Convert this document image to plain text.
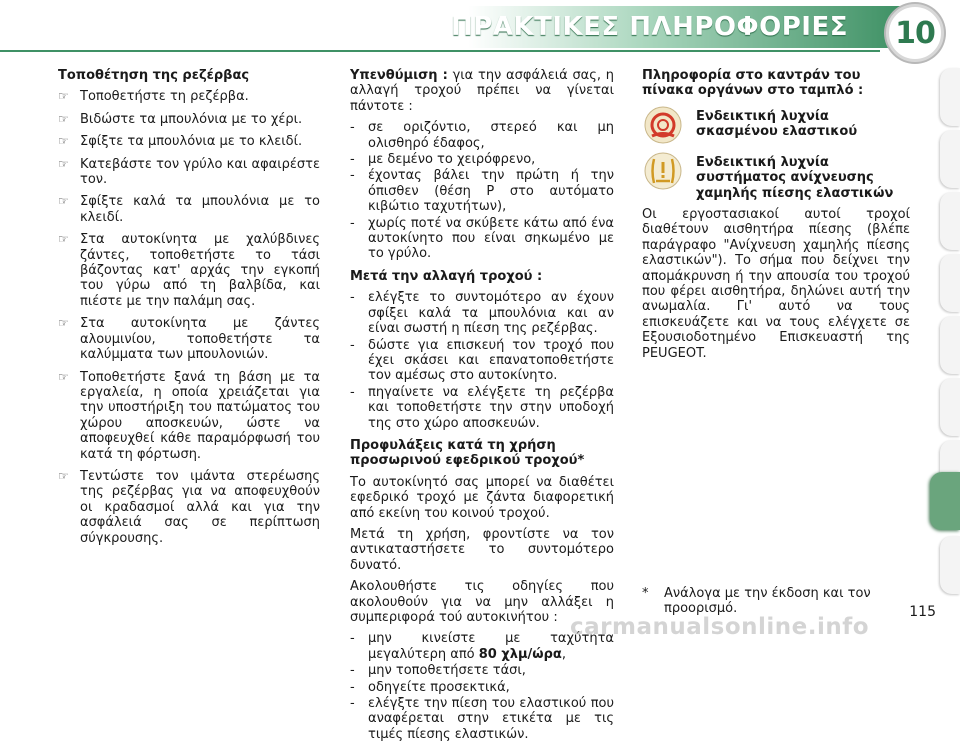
ΠΡΑΚΤΙΚΕΣ ΠΛΗΡΟΦΟΡΙΕΣ 10
Τοποθέτηση της ρεζέρβας
☞ Τοποθετήστε τη ρεζέρβα.
☞ Βιδώστε τα μπουλόνια με το χέρι.
☞ Σφίξτε τα μπουλόνια με το κλειδί.
☞ Κατεβάστε τον γρύλο και αφαιρέστε τον.
☞ Σφίξτε καλά τα μπουλόνια με το κλειδί.
☞ Στα αυτοκίνητα με χαλύβδινες ζάντες, τοποθετήστε το τάσι βάζοντας κατ' αρχάς την εγκοπή του γύρω από τη βαλβίδα, και πιέστε με την παλάμη σας.
☞ Στα αυτοκίνητα με ζάντες αλουμινίου, τοποθετήστε τα καλύμματα των μπουλονιών.
☞ Τοποθετήστε ξανά τη βάση με τα εργαλεία, η οποία χρειάζεται για την υποστήριξη του πατώματος του χώρου αποσκευών, ώστε να αποφευχθεί κάθε παραμόρφωσή του κατά τη φόρτωση.
☞ Τεντώστε τον ιμάντα στερέωσης της ρεζέρβας για να αποφευχθούν οι κραδασμοί αλλά και για την ασφάλειά σας σε περίπτωση σύγκρουσης.

Υπενθύμιση : για την ασφάλειά σας, η αλλαγή τροχού πρέπει να γίνεται πάντοτε :

- σε οριζόντιο, στερεό και μη ολισθηρό έδαφος,
- με δεμένο το χειρόφρενο,
- έχοντας βάλει την πρώτη ή την όπισθεν (θέση P στο αυτόματο κιβώτιο ταχυτήτων),
- χωρίς ποτέ να σκύβετε κάτω από ένα αυτοκίνητο που είναι σηκωμένο με το γρύλο.
Μετά την αλλαγή τροχού :
- ελέγξτε το συντομότερο αν έχουν σφίξει καλά τα μπουλόνια και αν είναι σωστή η πίεση της ρεζέρβας.
- δώστε για επισκευή τον τροχό που έχει σκάσει και επανατοποθετήστε τον αμέσως στο αυτοκίνητο.
- πηγαίνετε να ελέγξετε τη ρεζέρβα και τοποθετήστε την στην υποδοχή της στο χώρο αποσκευών.
Προφυλάξεις κατά τη χρήση προσωρινού εφεδρικού τροχού*

Το αυτοκίνητό σας μπορεί να διαθέτει εφεδρικό τροχό με ζάντα διαφορετική από εκείνη του κοινού τροχού.

Μετά τη χρήση, φροντίστε να τον αντικαταστήσετε το συντομότερο δυνατό.

Ακολουθήστε τις οδηγίες που ακολουθούν για να μην αλλάξει η συμπεριφορά τού αυτοκινήτου :

- μην κινείστε με ταχύτητα μεγαλύτερη από 80 χλμ/ώρα,
- μην τοποθετήσετε τάσι,
- οδηγείτε προσεκτικά,
- ελέγξτε την πίεση του ελαστικού που αναφέρεται στην ετικέτα με τις τιμές πίεσης ελαστικών.
Πληροφορία στο καντράν του πίνακα οργάνων στο ταμπλό :
Ενδεικτική λυχνία σκασμένου ελαστικού
Ενδεικτική λυχνία συστήματος ανίχνευσης χαμηλής πίεσης ελαστικών

Οι εργοστασιακοί αυτοί τροχοί διαθέτουν αισθητήρα πίεσης (βλέπε παράγραφο "Ανίχνευση χαμηλής πίεσης ελαστικών"). Το σήμα που δείχνει την απομάκρυνση ή την απουσία του τροχού που φέρει αισθητήρα, δηλώνει αυτή την ανωμαλία. Γι' αυτό να τους επισκευάζετε και να τους ελέγχετε σε Εξουσιοδοτημένο Επισκευαστή της PEUGEOT.

*	Ανάλογα με την έκδοση και τον προορισμό.
carmanualsonline.info
115
